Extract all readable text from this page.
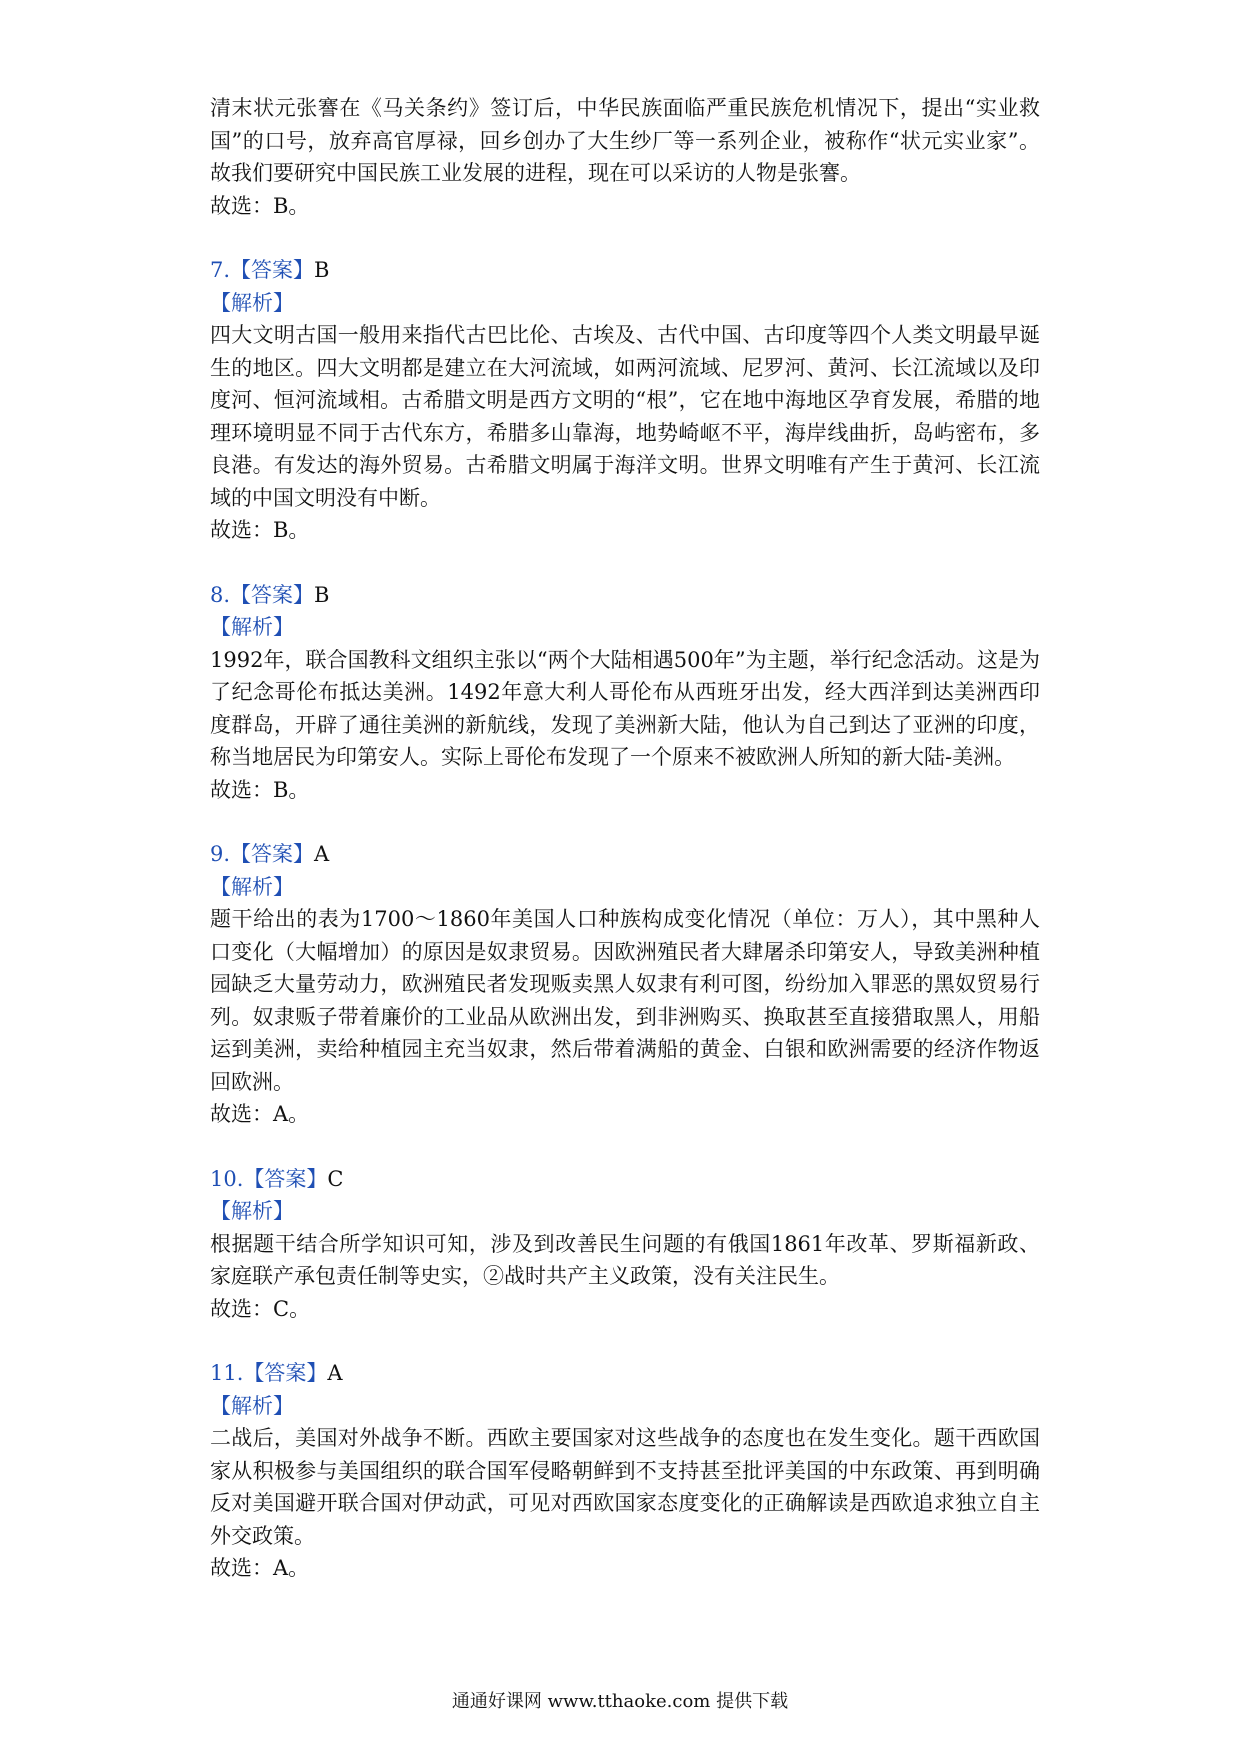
清末状元张謇在《马关条约》签订后，中华民族面临严重民族危机情况下，提出“实业救国”的口号，放弃高官厚禄，回乡创办了大生纱厂等一系列企业，被称作“状元实业家”。故我们要研究中国民族工业发展的进程，现在可以采访的人物是张謇。

故选：B。

7.【答案】B

【解析】

四大文明古国一般用来指代古巴比伦、古埃及、古代中国、古印度等四个人类文明最早诞生的地区。四大文明都是建立在大河流域，如两河流域、尼罗河、黄河、长江流域以及印度河、恒河流域相。古希腊文明是西方文明的“根”，它在地中海地区孕育发展，希腊的地理环境明显不同于古代东方，希腊多山靠海，地势崎岖不平，海岸线曲折，岛屿密布，多良港。有发达的海外贸易。古希腊文明属于海洋文明。世界文明唯有产生于黄河、长江流域的中国文明没有中断。

故选：B。

8.【答案】B

【解析】

1992年，联合国教科文组织主张以“两个大陆相遇500年”为主题，举行纪念活动。这是为了纪念哥伦布抵达美洲。1492年意大利人哥伦布从西班牙出发，经大西洋到达美洲西印度群岛，开辟了通往美洲的新航线，发现了美洲新大陆，他认为自己到达了亚洲的印度，称当地居民为印第安人。实际上哥伦布发现了一个原来不被欧洲人所知的新大陆-美洲。

故选：B。

9.【答案】A

【解析】

题干给出的表为1700～1860年美国人口种族构成变化情况（单位：万人），其中黑种人口变化（大幅增加）的原因是奴隶贸易。因欧洲殖民者大肆屠杀印第安人，导致美洲种植园缺乏大量劳动力，欧洲殖民者发现贩卖黑人奴隶有利可图，纷纷加入罪恶的黑奴贸易行列。奴隶贩子带着廉价的工业品从欧洲出发，到非洲购买、换取甚至直接猎取黑人，用船运到美洲，卖给种植园主充当奴隶，然后带着满船的黄金、白银和欧洲需要的经济作物返回欧洲。

故选：A。

10.【答案】C

【解析】

根据题干结合所学知识可知，涉及到改善民生问题的有俄国1861年改革、罗斯福新政、家庭联产承包责任制等史实，②战时共产主义政策，没有关注民生。

故选：C。

11.【答案】A

【解析】

二战后，美国对外战争不断。西欧主要国家对这些战争的态度也在发生变化。题干西欧国家从积极参与美国组织的联合国军侵略朝鲜到不支持甚至批评美国的中东政策、再到明确反对美国避开联合国对伊动武，可见对西欧国家态度变化的正确解读是西欧追求独立自主外交政策。

故选：A。

通通好课网 www.tthaoke.com 提供下载
